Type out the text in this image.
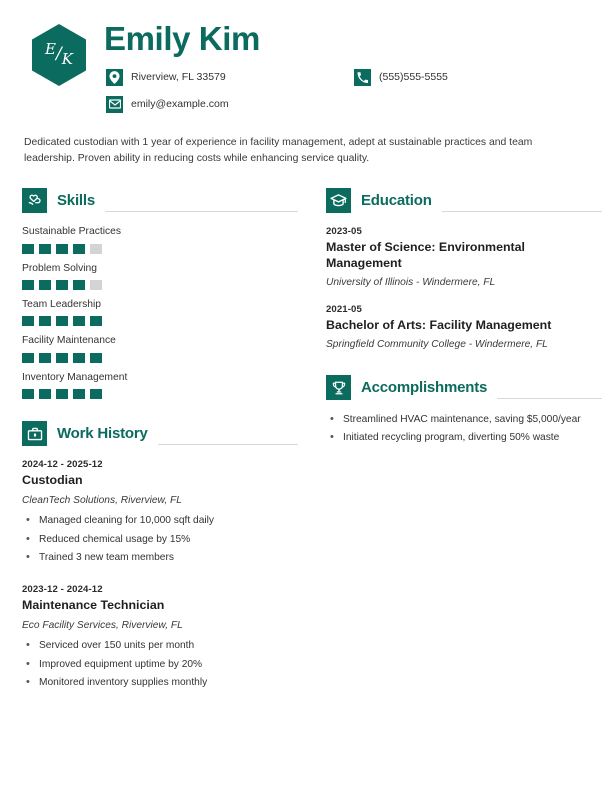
E / K
Emily Kim
Riverview, FL 33579	(555)555-5555
emily@example.com
Dedicated custodian with 1 year of experience in facility management, adept at sustainable practices and team leadership. Proven ability in reducing costs while enhancing service quality.
Skills
Sustainable Practices
Problem Solving
Team Leadership
Facility Maintenance
Inventory Management
Work History
2024-12 - 2025-12
Custodian
CleanTech Solutions, Riverview, FL
• Managed cleaning for 10,000 sqft daily
• Reduced chemical usage by 15%
• Trained 3 new team members
2023-12 - 2024-12
Maintenance Technician
Eco Facility Services, Riverview, FL
• Serviced over 150 units per month
• Improved equipment uptime by 20%
• Monitored inventory supplies monthly
Education
2023-05
Master of Science: Environmental Management
University of Illinois - Windermere, FL
2021-05
Bachelor of Arts: Facility Management
Springfield Community College - Windermere, FL
Accomplishments
• Streamlined HVAC maintenance, saving $5,000/year
• Initiated recycling program, diverting 50% waste
